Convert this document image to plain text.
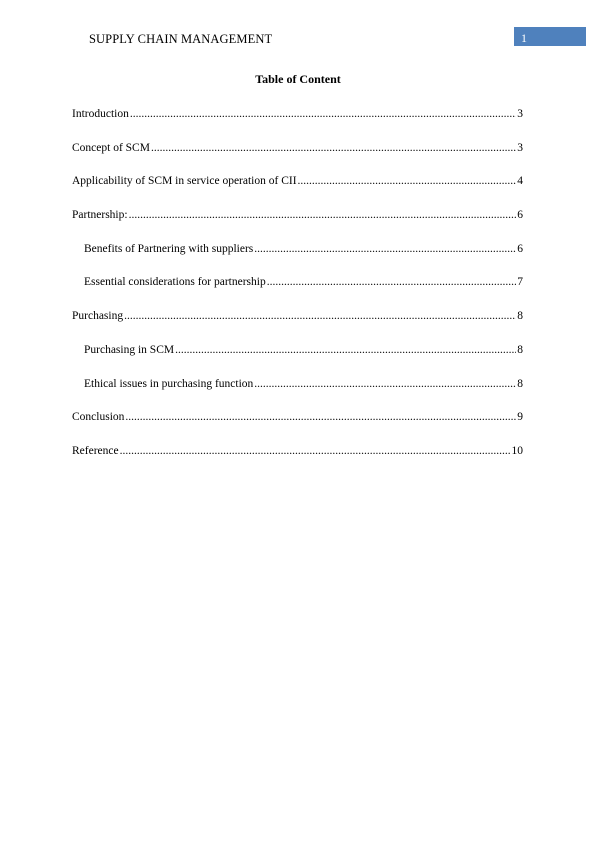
SUPPLY CHAIN MANAGEMENT	1
Table of Content
Introduction .....	3
Concept of SCM .....	3
Applicability of SCM in service operation of CII .....	4
Partnership: .....	6
Benefits of Partnering with suppliers .....	6
Essential considerations for partnership .....	7
Purchasing .....	8
Purchasing in SCM .....	8
Ethical issues in purchasing function .....	8
Conclusion .....	9
Reference .....	10
